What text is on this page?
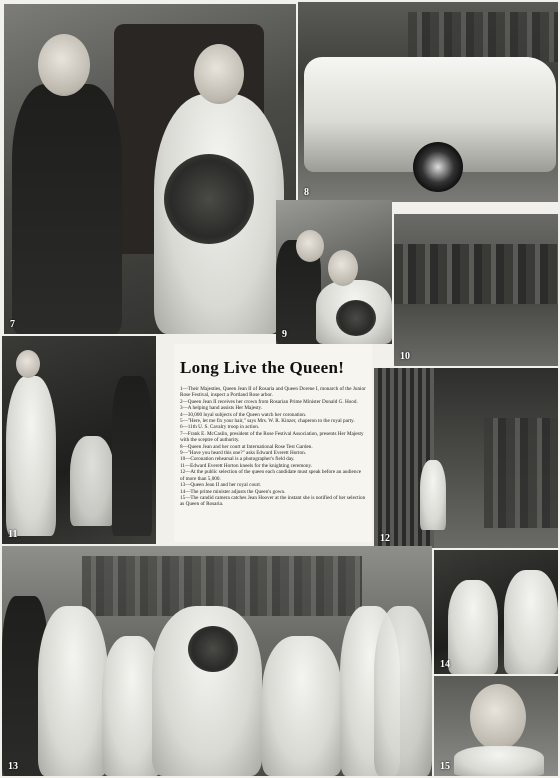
7
8
9
10
11
Long Live the Queen!
1—Their Majesties, Queen Jean II of Rosaria and Queen Dorene I, monarch of the Junior Rose Festival, inspect a Portland Rose arbor.
2—Queen Jean II receives her crown from Rosarian Prime Minister Donald G. Hood.
3—A helping hand assists Her Majesty.
4—30,000 loyal subjects of the Queen watch her coronation.
5—"Here, let me fix your hair," says Mrs. W. R. Kinzer, chaperon to the royal party.
6—11th U. S. Cavalry troop in action.
7—Frank E. McCaslin, president of the Rose Festival Association, presents Her Majesty with the sceptre of authority.
8—Queen Jean and her court at International Rose Test Garden.
9—"Have you heard this one?" asks Edward Everett Horton.
10—Coronation rehearsal is a photographer's field day.
11—Edward Everett Horton kneels for the knighting ceremony.
12—At the public selection of the queen each candidate must speak before an audience of more than 5,000.
13—Queen Jean II and her royal court.
14—The prime minister adjusts the Queen's gown.
15—The candid camera catches Jean Hoover at the instant she is notified of her selection as Queen of Rosaria.
12
13
14
15
